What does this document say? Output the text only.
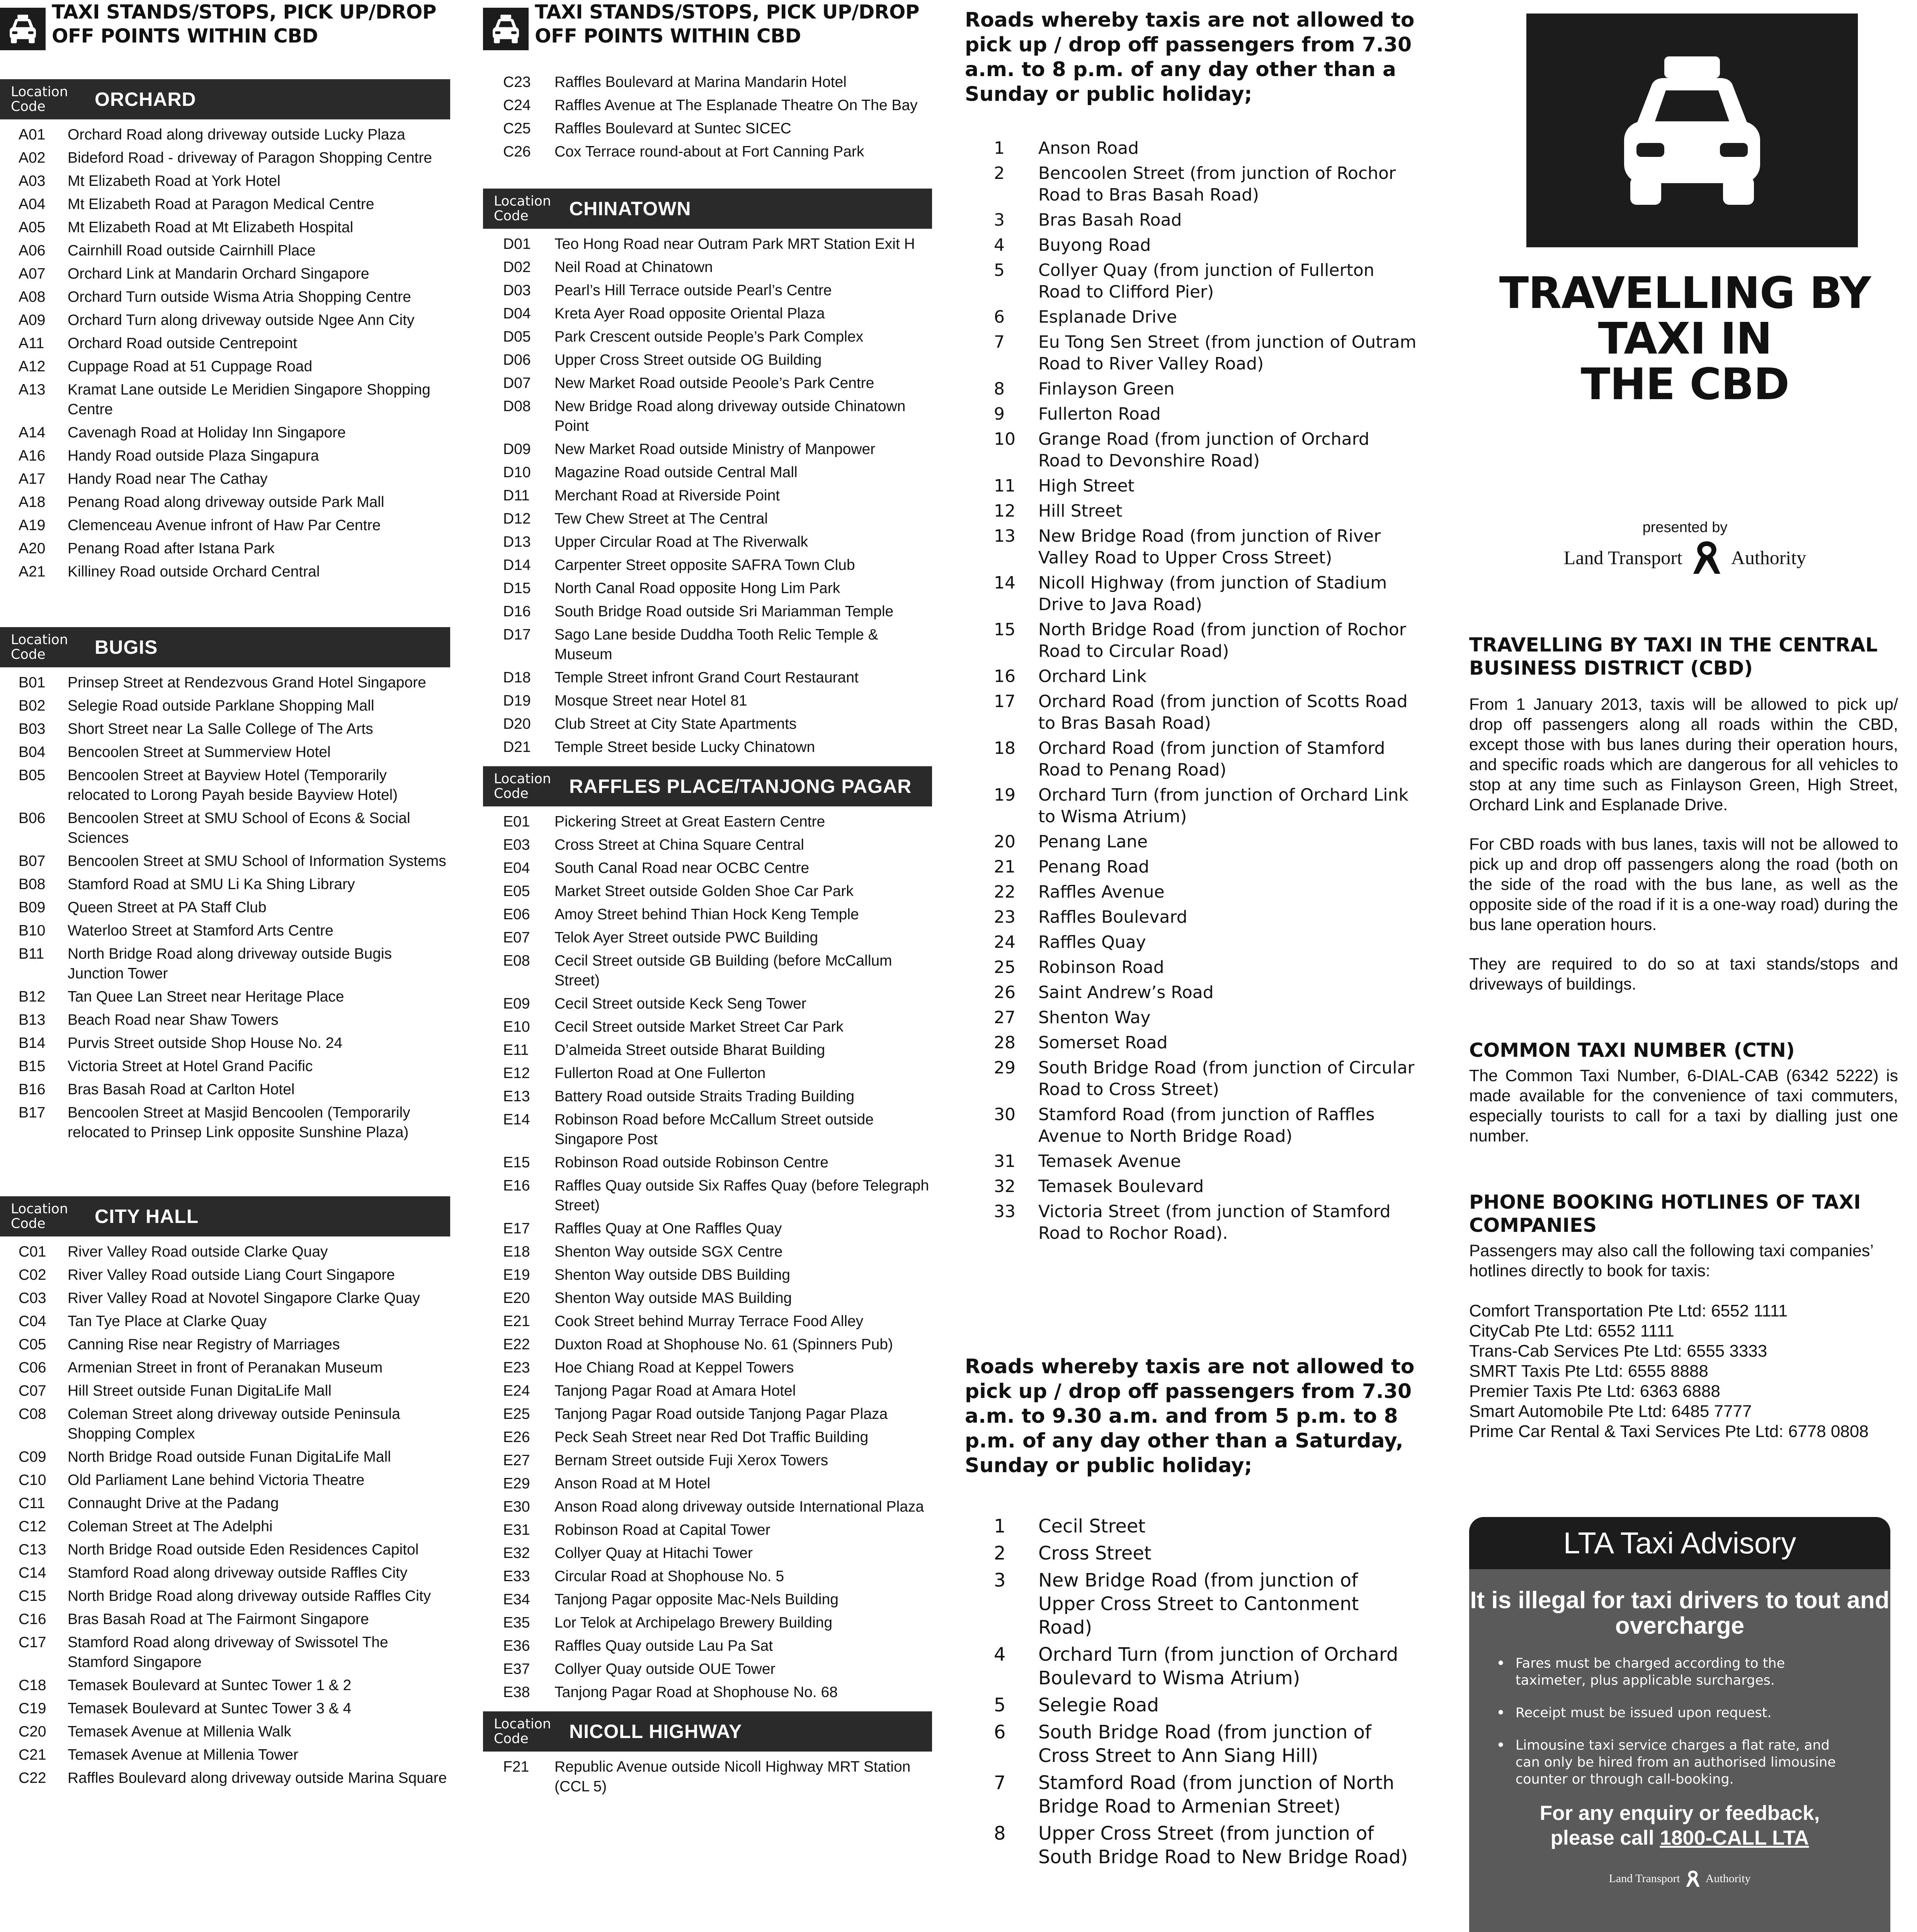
TAXI STANDS/STOPS, PICK UP/DROP OFF POINTS WITHIN CBD
Location Code	ORCHARD
A01	Orchard Road along driveway outside Lucky Plaza
A02	Bideford Road - driveway of Paragon Shopping Centre
A03	Mt Elizabeth Road at York Hotel
A04	Mt Elizabeth Road at Paragon Medical Centre
A05	Mt Elizabeth Road at Mt Elizabeth Hospital
A06	Cairnhill Road outside Cairnhill Place
A07	Orchard Link at Mandarin Orchard Singapore
A08	Orchard Turn outside Wisma Atria Shopping Centre
A09	Orchard Turn along driveway outside Ngee Ann City
A11	Orchard Road outside Centrepoint
A12	Cuppage Road at 51 Cuppage Road
A13	Kramat Lane outside Le Meridien Singapore Shopping Centre
A14	Cavenagh Road at Holiday Inn Singapore
A16	Handy Road outside Plaza Singapura
A17	Handy Road near The Cathay
A18	Penang Road along driveway outside Park Mall
A19	Clemenceau Avenue infront of Haw Par Centre
A20	Penang Road after Istana Park
A21	Killiney Road outside Orchard Central
Location Code	BUGIS
B01	Prinsep Street at Rendezvous Grand Hotel Singapore
B02	Selegie Road outside Parklane Shopping Mall
B03	Short Street near La Salle College of The Arts
B04	Bencoolen Street at Summerview Hotel
B05	Bencoolen Street at Bayview Hotel (Temporarily relocated to Lorong Payah beside Bayview Hotel)
B06	Bencoolen Street at SMU School of Econs & Social Sciences
B07	Bencoolen Street at SMU School of Information Systems
B08	Stamford Road at SMU Li Ka Shing Library
B09	Queen Street at PA Staff Club
B10	Waterloo Street at Stamford Arts Centre
B11	North Bridge Road along driveway outside Bugis Junction Tower
B12	Tan Quee Lan Street near Heritage Place
B13	Beach Road near Shaw Towers
B14	Purvis Street outside Shop House No. 24
B15	Victoria Street at Hotel Grand Pacific
B16	Bras Basah Road at Carlton Hotel
B17	Bencoolen Street at Masjid Bencoolen (Temporarily relocated to Prinsep Link opposite Sunshine Plaza)
Location Code	CITY HALL
C01	River Valley Road outside Clarke Quay
C02	River Valley Road outside Liang Court Singapore
C03	River Valley Road at Novotel Singapore Clarke Quay
C04	Tan Tye Place at Clarke Quay
C05	Canning Rise near Registry of Marriages
C06	Armenian Street in front of Peranakan Museum
C07	Hill Street outside Funan DigitaLife Mall
C08	Coleman Street along driveway outside Peninsula Shopping Complex
C09	North Bridge Road outside Funan DigitaLife Mall
C10	Old Parliament Lane behind Victoria Theatre
C11	Connaught Drive at the Padang
C12	Coleman Street at The Adelphi
C13	North Bridge Road outside Eden Residences Capitol
C14	Stamford Road along driveway outside Raffles City
C15	North Bridge Road along driveway outside Raffles City
C16	Bras Basah Road at The Fairmont Singapore
C17	Stamford Road along driveway of Swissotel The Stamford Singapore
C18	Temasek Boulevard at Suntec Tower 1 & 2
C19	Temasek Boulevard at Suntec Tower 3 & 4
C20	Temasek Avenue at Millenia Walk
C21	Temasek Avenue at Millenia Tower
C22	Raffles Boulevard along driveway outside Marina Square
TAXI STANDS/STOPS, PICK UP/DROP OFF POINTS WITHIN CBD
C23	Raffles Boulevard at Marina Mandarin Hotel
C24	Raffles Avenue at The Esplanade Theatre On The Bay
C25	Raffles Boulevard at Suntec SICEC
C26	Cox Terrace round-about at Fort Canning Park
Location Code	CHINATOWN
D01	Teo Hong Road near Outram Park MRT Station Exit H
D02	Neil Road at Chinatown
D03	Pearl’s Hill Terrace outside Pearl’s Centre
D04	Kreta Ayer Road opposite Oriental Plaza
D05	Park Crescent outside People’s Park Complex
D06	Upper Cross Street outside OG Building
D07	New Market Road outside Peoole’s Park Centre
D08	New Bridge Road along driveway outside Chinatown Point
D09	New Market Road outside Ministry of Manpower
D10	Magazine Road outside Central Mall
D11	Merchant Road at Riverside Point
D12	Tew Chew Street at The Central
D13	Upper Circular Road at The Riverwalk
D14	Carpenter Street opposite SAFRA Town Club
D15	North Canal Road opposite Hong Lim Park
D16	South Bridge Road outside Sri Mariamman Temple
D17	Sago Lane beside Duddha Tooth Relic Temple & Museum
D18	Temple Street infront Grand Court Restaurant
D19	Mosque Street near Hotel 81
D20	Club Street at City State Apartments
D21	Temple Street beside Lucky Chinatown
Location Code	RAFFLES PLACE/TANJONG PAGAR
E01	Pickering Street at Great Eastern Centre
E03	Cross Street at China Square Central
E04	South Canal Road near OCBC Centre
E05	Market Street outside Golden Shoe Car Park
E06	Amoy Street behind Thian Hock Keng Temple
E07	Telok Ayer Street outside PWC Building
E08	Cecil Street outside GB Building (before McCallum Street)
E09	Cecil Street outside Keck Seng Tower
E10	Cecil Street outside Market Street Car Park
E11	D’almeida Street outside Bharat Building
E12	Fullerton Road at One Fullerton
E13	Battery Road outside Straits Trading Building
E14	Robinson Road before McCallum Street outside Singapore Post
E15	Robinson Road outside Robinson Centre
E16	Raffles Quay outside Six Raffes Quay (before Telegraph Street)
E17	Raffles Quay at One Raffles Quay
E18	Shenton Way outside SGX Centre
E19	Shenton Way outside DBS Building
E20	Shenton Way outside MAS Building
E21	Cook Street behind Murray Terrace Food Alley
E22	Duxton Road at Shophouse No. 61 (Spinners Pub)
E23	Hoe Chiang Road at Keppel Towers
E24	Tanjong Pagar Road at Amara Hotel
E25	Tanjong Pagar Road outside Tanjong Pagar Plaza
E26	Peck Seah Street near Red Dot Traffic Building
E27	Bernam Street outside Fuji Xerox Towers
E29	Anson Road at M Hotel
E30	Anson Road along driveway outside International Plaza
E31	Robinson Road at Capital Tower
E32	Collyer Quay at Hitachi Tower
E33	Circular Road at Shophouse No. 5
E34	Tanjong Pagar opposite Mac-Nels Building
E35	Lor Telok at Archipelago Brewery Building
E36	Raffles Quay outside Lau Pa Sat
E37	Collyer Quay outside OUE Tower
E38	Tanjong Pagar Road at Shophouse No. 68
Location Code	NICOLL HIGHWAY
F21	Republic Avenue outside Nicoll Highway MRT Station (CCL 5)
Roads whereby taxis are not allowed to pick up / drop off passengers from 7.30 a.m. to 8 p.m. of any day other than a Sunday or public holiday;
1	Anson Road
2	Bencoolen Street (from junction of Rochor Road to Bras Basah Road)
3	Bras Basah Road
4	Buyong Road
5	Collyer Quay (from junction of Fullerton Road to Clifford Pier)
6	Esplanade Drive
7	Eu Tong Sen Street (from junction of Outram Road to River Valley Road)
8	Finlayson Green
9	Fullerton Road
10	Grange Road (from junction of Orchard Road to Devonshire Road)
11	High Street
12	Hill Street
13	New Bridge Road (from junction of River Valley Road to Upper Cross Street)
14	Nicoll Highway (from junction of Stadium Drive to Java Road)
15	North Bridge Road (from junction of Rochor Road to Circular Road)
16	Orchard Link
17	Orchard Road (from junction of Scotts Road to Bras Basah Road)
18	Orchard Road (from junction of Stamford Road to Penang Road)
19	Orchard Turn (from junction of Orchard Link to Wisma Atrium)
20	Penang Lane
21	Penang Road
22	Raffles Avenue
23	Raffles Boulevard
24	Raffles Quay
25	Robinson Road
26	Saint Andrew’s Road
27	Shenton Way
28	Somerset Road
29	South Bridge Road (from junction of Circular Road to Cross Street)
30	Stamford Road (from junction of Raffles Avenue to North Bridge Road)
31	Temasek Avenue
32	Temasek Boulevard
33	Victoria Street (from junction of Stamford Road to Rochor Road).
Roads whereby taxis are not allowed to pick up / drop off passengers from 7.30 a.m. to 9.30 a.m. and from 5 p.m. to 8 p.m. of any day other than a Saturday, Sunday or public holiday;
1	Cecil Street
2	Cross Street
3	New Bridge Road (from junction of Upper Cross Street to Cantonment Road)
4	Orchard Turn (from junction of Orchard Boulevard to Wisma Atrium)
5	Selegie Road
6	South Bridge Road (from junction of Cross Street to Ann Siang Hill)
7	Stamford Road (from junction of North Bridge Road to Armenian Street)
8	Upper Cross Street (from junction of South Bridge Road to New Bridge Road)
TRAVELLING BY
TAXI IN
THE CBD
presented by
Land Transport	Authority
TRAVELLING BY TAXI IN THE CENTRAL BUSINESS DISTRICT (CBD)
From 1 January 2013, taxis will be allowed to pick up/ drop off passengers along all roads within the CBD, except those with bus lanes during their operation hours, and specific roads which are dangerous for all vehicles to stop at any time such as Finlayson Green, High Street, Orchard Link and Esplanade Drive.
For CBD roads with bus lanes, taxis will not be allowed to pick up and drop off passengers along the road (both on the side of the road with the bus lane, as well as the opposite side of the road if it is a one-way road) during the bus lane operation hours.
They are required to do so at taxi stands/stops and driveways of buildings.
COMMON TAXI NUMBER (CTN)
The Common Taxi Number, 6-DIAL-CAB (6342 5222) is made available for the convenience of taxi commuters, especially tourists to call for a taxi by dialling just one number.
PHONE BOOKING HOTLINES OF TAXI COMPANIES
Passengers may also call the following taxi companies’ hotlines directly to book for taxis:
Comfort Transportation Pte Ltd: 6552 1111
CityCab Pte Ltd: 6552 1111
Trans-Cab Services Pte Ltd: 6555 3333
SMRT Taxis Pte Ltd: 6555 8888
Premier Taxis Pte Ltd: 6363 6888
Smart Automobile Pte Ltd: 6485 7777
Prime Car Rental & Taxi Services Pte Ltd: 6778 0808
LTA Taxi Advisory
It is illegal for taxi drivers to tout and overcharge
• Fares must be charged according to the taximeter, plus applicable surcharges.
• Receipt must be issued upon request.
• Limousine taxi service charges a flat rate, and can only be hired from an authorised limousine counter or through call-booking.
For any enquiry or feedback,
please call 1800-CALL LTA
Land Transport Authority
